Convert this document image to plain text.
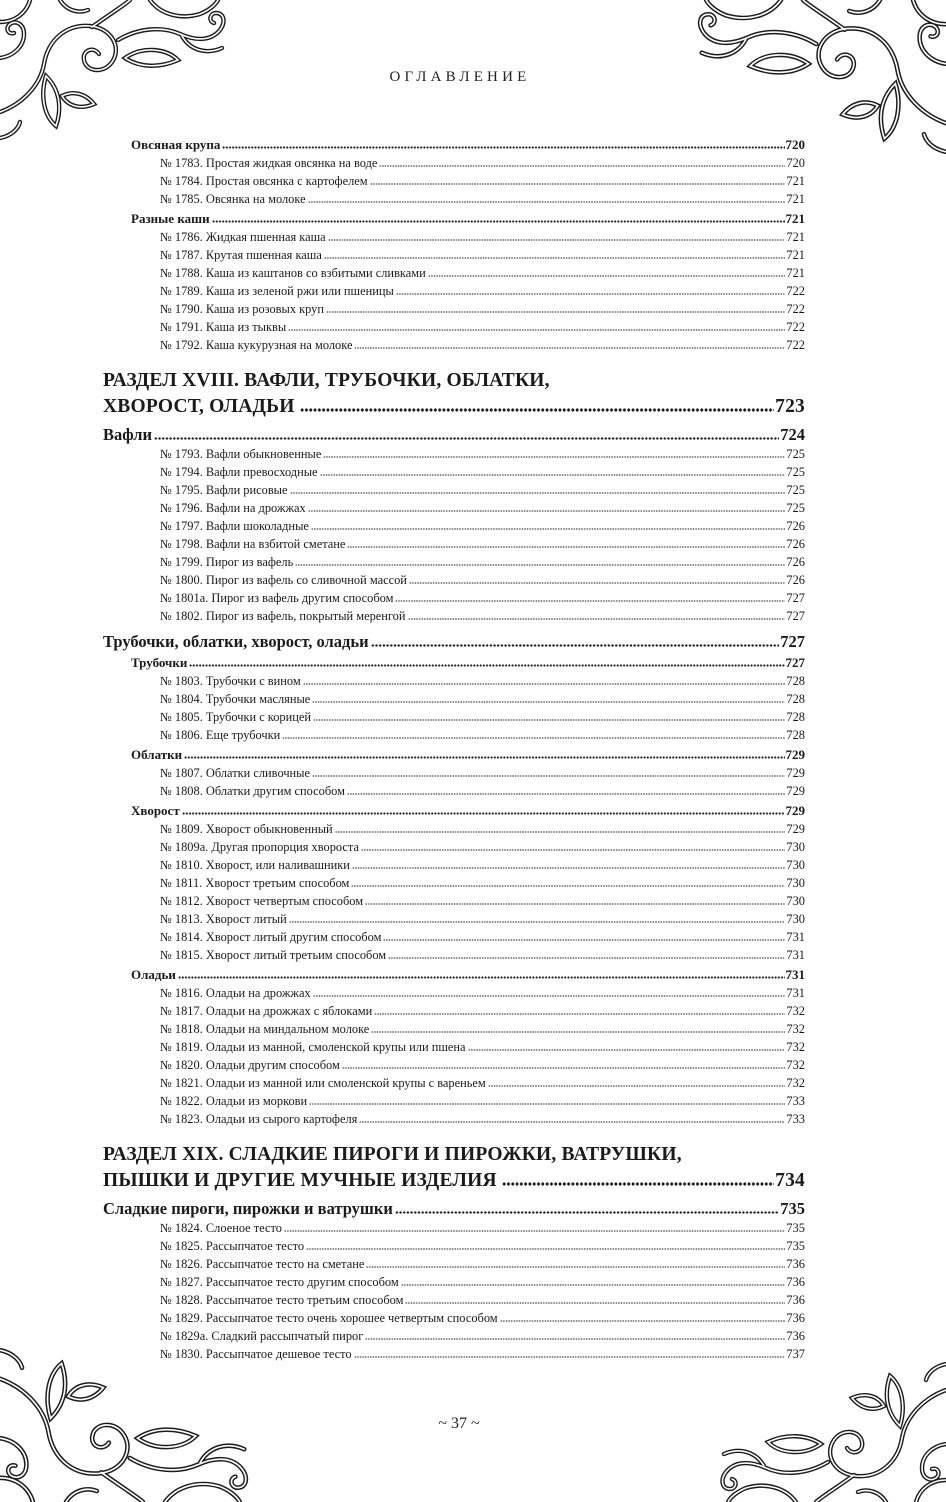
ОГЛАВЛЕНИЕ
Овсяная крупа	720
№ 1783. Простая жидкая овсянка на воде	720
№ 1784. Простая овсянка с картофелем	721
№ 1785. Овсянка на молоке	721
Разные каши	721
№ 1786. Жидкая пшенная каша	721
№ 1787. Крутая пшенная каша	721
№ 1788. Каша из каштанов со взбитыми сливками	721
№ 1789. Каша из зеленой ржи или пшеницы	722
№ 1790. Каша из розовых круп	722
№ 1791. Каша из тыквы	722
№ 1792. Каша кукурузная на молоке	722
РАЗДЕЛ XVIII. ВАФЛИ, ТРУБОЧКИ, ОБЛАТКИ,
ХВОРОСТ, ОЛАДЬИ	723
Вафли	724
№ 1793. Вафли обыкновенные	725
№ 1794. Вафли превосходные	725
№ 1795. Вафли рисовые	725
№ 1796. Вафли на дрожжах	725
№ 1797. Вафли шоколадные	726
№ 1798. Вафли на взбитой сметане	726
№ 1799. Пирог из вафель	726
№ 1800. Пирог из вафель со сливочной массой	726
№ 1801а. Пирог из вафель другим способом	727
№ 1802. Пирог из вафель, покрытый меренгой	727
Трубочки, облатки, хворост, оладьи	727
Трубочки	727
№ 1803. Трубочки с вином	728
№ 1804. Трубочки масляные	728
№ 1805. Трубочки с корицей	728
№ 1806. Еще трубочки	728
Облатки	729
№ 1807. Облатки сливочные	729
№ 1808. Облатки другим способом	729
Хворост	729
№ 1809. Хворост обыкновенный	729
№ 1809а. Другая пропорция хвороста	730
№ 1810. Хворост, или наливашники	730
№ 1811. Хворост третьим способом	730
№ 1812. Хворост четвертым способом	730
№ 1813. Хворост литый	730
№ 1814. Хворост литый другим способом	731
№ 1815. Хворост литый третьим способом	731
Оладьи	731
№ 1816. Оладьи на дрожжах	731
№ 1817. Оладьи на дрожжах с яблоками	732
№ 1818. Оладьи на миндальном молоке	732
№ 1819. Оладьи из манной, смоленской крупы или пшена	732
№ 1820. Оладьи другим способом	732
№ 1821. Оладьи из манной или смоленской крупы с вареньем	732
№ 1822. Оладьи из моркови	733
№ 1823. Оладьи из сырого картофеля	733
РАЗДЕЛ XIX. СЛАДКИЕ ПИРОГИ И ПИРОЖКИ, ВАТРУШКИ,
ПЫШКИ И ДРУГИЕ МУЧНЫЕ ИЗДЕЛИЯ	734
Сладкие пироги, пирожки и ватрушки	735
№ 1824. Слоеное тесто	735
№ 1825. Рассыпчатое тесто	735
№ 1826. Рассыпчатое тесто на сметане	736
№ 1827. Рассыпчатое тесто другим способом	736
№ 1828. Рассыпчатое тесто третьим способом	736
№ 1829. Рассыпчатое тесто очень хорошее четвертым способом	736
№ 1829а. Сладкий рассыпчатый пирог	736
№ 1830. Рассыпчатое дешевое тесто	737
~ 37 ~
